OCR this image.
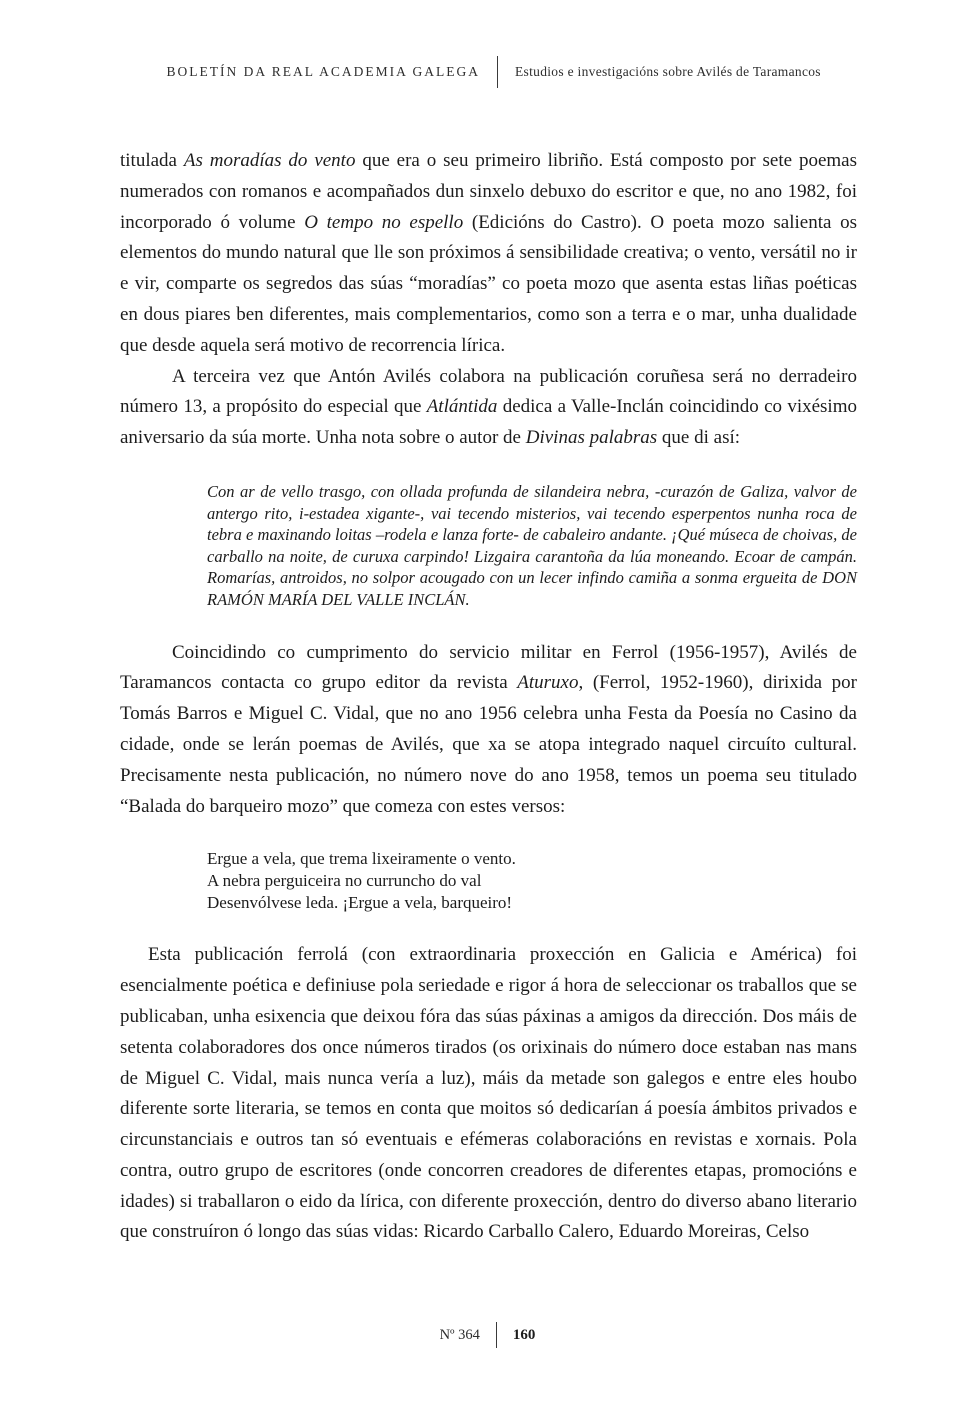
BOLETÍN DA REAL ACADEMIA GALEGA	Estudios e investigacións sobre Avilés de Taramancos

titulada As moradías do vento que era o seu primeiro libriño. Está composto por sete poemas numerados con romanos e acompañados dun sinxelo debuxo do escritor e que, no ano 1982, foi incorporado ó volume O tempo no espello (Edicións do Castro). O poeta mozo salienta os elementos do mundo natural que lle son próximos á sensibilidade creativa; o vento, versátil no ir e vir, comparte os segredos das súas “moradías” co poeta mozo que asenta estas liñas poéticas en dous piares ben diferentes, mais complementarios, como son a terra e o mar, unha dualidade que desde aquela será motivo de recorrencia lírica.

A terceira vez que Antón Avilés colabora na publicación coruñesa será no derradeiro número 13, a propósito do especial que Atlántida dedica a Valle-Inclán coincidindo co vixésimo aniversario da súa morte. Unha nota sobre o autor de Divinas palabras que di así:

Con ar de vello trasgo, con ollada profunda de silandeira nebra, -curazón de Galiza, valvor de antergo rito, i-estadea xigante-, vai tecendo misterios, vai tecendo esperpentos nunha roca de tebra e maxinando loitas –rodela e lanza forte- de cabaleiro andante. ¡Qué múseca de choivas, de carballo na noite, de curuxa carpindo! Lizgaira carantoña da lúa moneando. Ecoar de campán. Romarías, antroidos, no solpor acougado con un lecer infindo camiña a sonma ergueita de DON RAMÓN MARÍA DEL VALLE INCLÁN.

Coincidindo co cumprimento do servicio militar en Ferrol (1956-1957), Avilés de Taramancos contacta co grupo editor da revista Aturuxo, (Ferrol, 1952-1960), dirixida por Tomás Barros e Miguel C. Vidal, que no ano 1956 celebra unha Festa da Poesía no Casino da cidade, onde se lerán poemas de Avilés, que xa se atopa integrado naquel circuíto cultural. Precisamente nesta publicación, no número nove do ano 1958, temos un poema seu titulado “Balada do barqueiro mozo” que comeza con estes versos:

Ergue a vela, que trema lixeiramente o vento.
A nebra perguiceira no curruncho do val
Desenvólvese leda. ¡Ergue a vela, barqueiro!

Esta publicación ferrolá (con extraordinaria proxección en Galicia e América) foi esencialmente poética e definiuse pola seriedade e rigor á hora de seleccionar os traballos que se publicaban, unha esixencia que deixou fóra das súas páxinas a amigos da dirección. Dos máis de setenta colaboradores dos once números tirados (os orixinais do número doce estaban nas mans de Miguel C. Vidal, mais nunca vería a luz), máis da metade son galegos e entre eles houbo diferente sorte literaria, se temos en conta que moitos só dedicarían á poesía ámbitos privados e circunstanciais e outros tan só eventuais e efémeras colaboracións en revistas e xornais. Pola contra, outro grupo de escritores (onde concorren creadores de diferentes etapas, promocións e idades) si traballaron o eido da lírica, con diferente proxección, dentro do diverso abano literario que construíron ó longo das súas vidas: Ricardo Carballo Calero, Eduardo Moreiras, Celso

Nº 364	160
